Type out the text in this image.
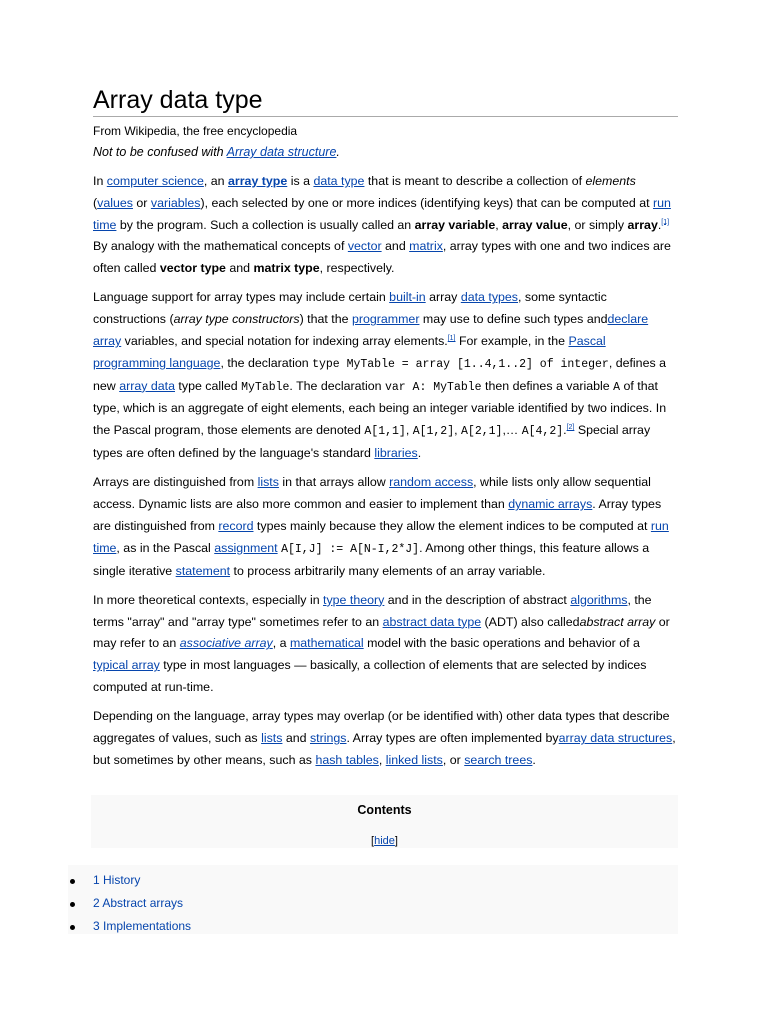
Array data type
From Wikipedia, the free encyclopedia
Not to be confused with Array data structure.

In computer science, an array type is a data type that is meant to describe a collection of elements (values or variables), each selected by one or more indices (identifying keys) that can be computed at run time by the program. Such a collection is usually called an array variable, array value, or simply array.[1] By analogy with the mathematical concepts of vector and matrix, array types with one and two indices are often called vector type and matrix type, respectively.

Language support for array types may include certain built-in array data types, some syntactic constructions (array type constructors) that the programmer may use to define such types anddeclare array variables, and special notation for indexing array elements.[1] For example, in the Pascal programming language, the declaration type MyTable = array [1..4,1..2] of integer, defines a new array data type called MyTable. The declaration var A: MyTable then defines a variable A of that type, which is an aggregate of eight elements, each being an integer variable identified by two indices. In the Pascal program, those elements are denoted A[1,1], A[1,2], A[2,1],… A[4,2].[2] Special array types are often defined by the language's standard libraries.

Arrays are distinguished from lists in that arrays allow random access, while lists only allow sequential access. Dynamic lists are also more common and easier to implement than dynamic arrays. Array types are distinguished from record types mainly because they allow the element indices to be computed at run time, as in the Pascal assignment A[I,J] := A[N-I,2*J]. Among other things, this feature allows a single iterative statement to process arbitrarily many elements of an array variable.

In more theoretical contexts, especially in type theory and in the description of abstract algorithms, the terms "array" and "array type" sometimes refer to an abstract data type (ADT) also calledabstract array or may refer to an associative array, a mathematical model with the basic operations and behavior of a typical array type in most languages — basically, a collection of elements that are selected by indices computed at run-time.

Depending on the language, array types may overlap (or be identified with) other data types that describe aggregates of values, such as lists and strings. Array types are often implemented byarray data structures, but sometimes by other means, such as hash tables, linked lists, or search trees.

Contents
[hide]
1 History
2 Abstract arrays
3 Implementations
